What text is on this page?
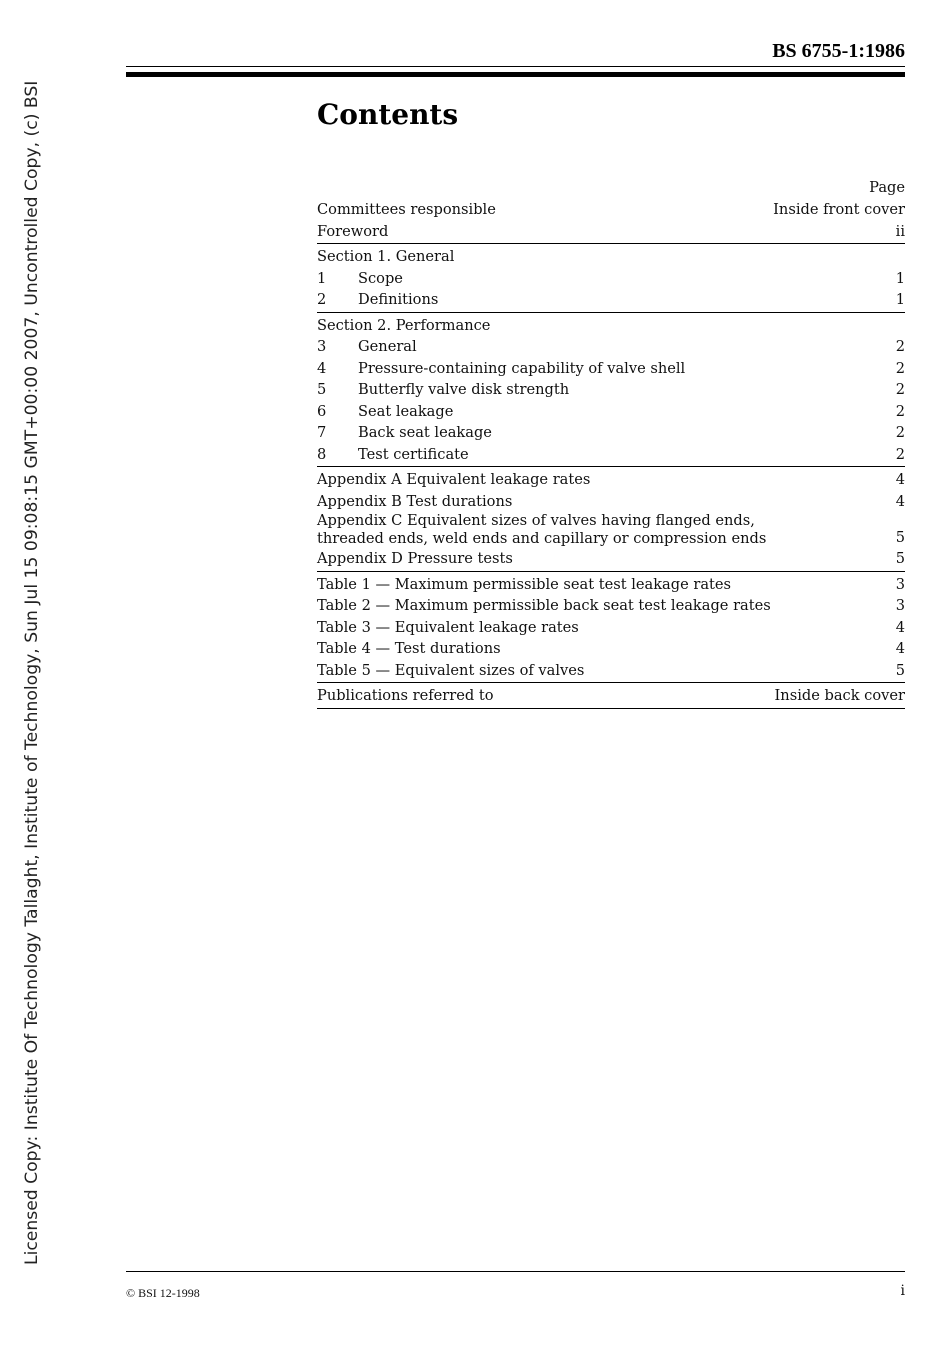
Licensed Copy: Institute Of Technology Tallaght, Institute of Technology, Sun Jul 15 09:08:15 GMT+00:00 2007, Uncontrolled Copy, (c) BSI
BS 6755-1:1986
Contents
Page
Committees responsible	Inside front cover
Foreword	ii
Section 1. General
1	Scope	1
2	Definitions	1
Section 2. Performance
3	General	2
4	Pressure-containing capability of valve shell	2
5	Butterfly valve disk strength	2
6	Seat leakage	2
7	Back seat leakage	2
8	Test certificate	2
Appendix A Equivalent leakage rates	4
Appendix B Test durations	4
Appendix C Equivalent sizes of valves having flanged ends,
threaded ends, weld ends and capillary or compression ends	5
Appendix D Pressure tests	5
Table 1 — Maximum permissible seat test leakage rates	3
Table 2 — Maximum permissible back seat test leakage rates	3
Table 3 — Equivalent leakage rates	4
Table 4 — Test durations	4
Table 5 — Equivalent sizes of valves	5
Publications referred to	Inside back cover
© BSI 12-1998	i
